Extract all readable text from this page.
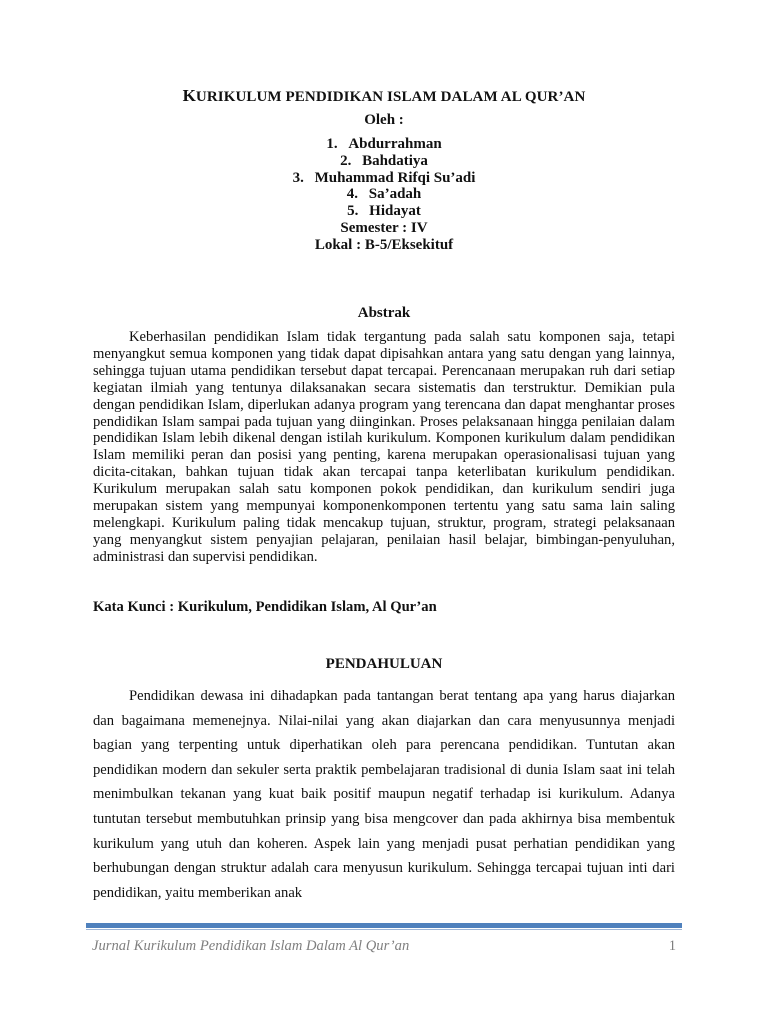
KURIKULUM PENDIDIKAN ISLAM DALAM AL QUR’AN
Oleh :
1. Abdurrahman
2. Bahdatiya
3. Muhammad Rifqi Su’adi
4. Sa’adah
5. Hidayat
Semester : IV
Lokal : B-5/Eksekituf
Abstrak

Keberhasilan pendidikan Islam tidak tergantung pada salah satu komponen saja, tetapi menyangkut semua komponen yang tidak dapat dipisahkan antara yang satu dengan yang lainnya, sehingga tujuan utama pendidikan tersebut dapat tercapai. Perencanaan merupakan ruh dari setiap kegiatan ilmiah yang tentunya dilaksanakan secara sistematis dan terstruktur. Demikian pula dengan pendidikan Islam, diperlukan adanya program yang terencana dan dapat menghantar proses pendidikan Islam sampai pada tujuan yang diinginkan. Proses pelaksanaan hingga penilaian dalam pendidikan Islam lebih dikenal dengan istilah kurikulum. Komponen kurikulum dalam pendidikan Islam memiliki peran dan posisi yang penting, karena merupakan operasionalisasi tujuan yang dicita-citakan, bahkan tujuan tidak akan tercapai tanpa keterlibatan kurikulum pendidikan. Kurikulum merupakan salah satu komponen pokok pendidikan, dan kurikulum sendiri juga merupakan sistem yang mempunyai komponenkomponen tertentu yang satu sama lain saling melengkapi. Kurikulum paling tidak mencakup tujuan, struktur, program, strategi pelaksanaan yang menyangkut sistem penyajian pelajaran, penilaian hasil belajar, bimbingan-penyuluhan, administrasi dan supervisi pendidikan.

Kata Kunci : Kurikulum, Pendidikan Islam, Al Qur’an
PENDAHULUAN

Pendidikan dewasa ini dihadapkan pada tantangan berat tentang apa yang harus diajarkan dan bagaimana memenejnya. Nilai-nilai yang akan diajarkan dan cara menyusunnya menjadi bagian yang terpenting untuk diperhatikan oleh para perencana pendidikan. Tuntutan akan pendidikan modern dan sekuler serta praktik pembelajaran tradisional di dunia Islam saat ini telah menimbulkan tekanan yang kuat baik positif maupun negatif terhadap isi kurikulum. Adanya tuntutan tersebut membutuhkan prinsip yang bisa mengcover dan pada akhirnya bisa membentuk kurikulum yang utuh dan koheren. Aspek lain yang menjadi pusat perhatian pendidikan yang berhubungan dengan struktur adalah cara menyusun kurikulum. Sehingga tercapai tujuan inti dari pendidikan, yaitu memberikan anak

Jurnal Kurikulum Pendidikan Islam Dalam Al Qur’an	1
